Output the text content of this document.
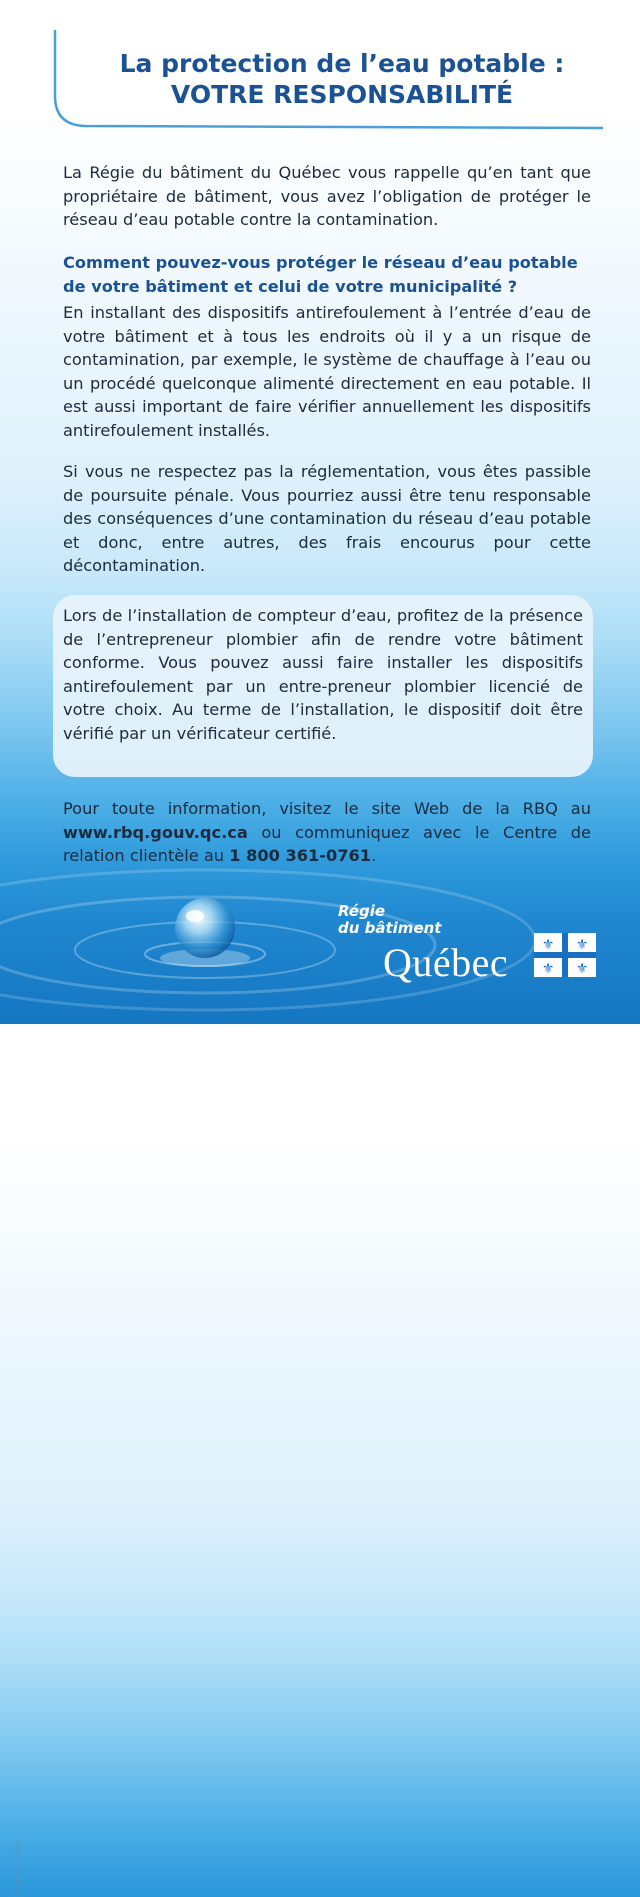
La protection de l’eau potable :
VOTRE RESPONSABILITÉ

La Régie du bâtiment du Québec vous rappelle qu’en tant que propriétaire de bâtiment, vous avez l’obligation de protéger le réseau d’eau potable contre la contamination.

Comment pouvez-vous protéger le réseau d’eau potable de votre bâtiment et celui de votre municipalité ?

En installant des dispositifs antirefoulement à l’entrée d’eau de votre bâtiment et à tous les endroits où il y a un risque de contamination, par exemple, le système de chauffage à l’eau ou un procédé quelconque alimenté directement en eau potable. Il est aussi important de faire vérifier annuellement les dispositifs antirefoulement installés.

Si vous ne respectez pas la réglementation, vous êtes passible de poursuite pénale. Vous pourriez aussi être tenu responsable des conséquences d’une contamination du réseau d’eau potable et donc, entre autres, des frais encourus pour cette décontamination.

Lors de l’installation de compteur d’eau, profitez de la présence de l’entrepreneur plombier afin de rendre votre bâtiment conforme. Vous pouvez aussi faire installer les dispositifs antirefoulement par un entre-preneur plombier licencié de votre choix. Au terme de l’installation, le dispositif doit être vérifié par un vérificateur certifié.

Pour toute information, visitez le site Web de la RBQ au www.rbq.gouv.qc.ca ou communiquez avec le Centre de relation clientèle au 1 800 361-0761.

2374(2012-02)
Régie
du bâtiment
Québec ⚜ ⚜
⚜ ⚜
